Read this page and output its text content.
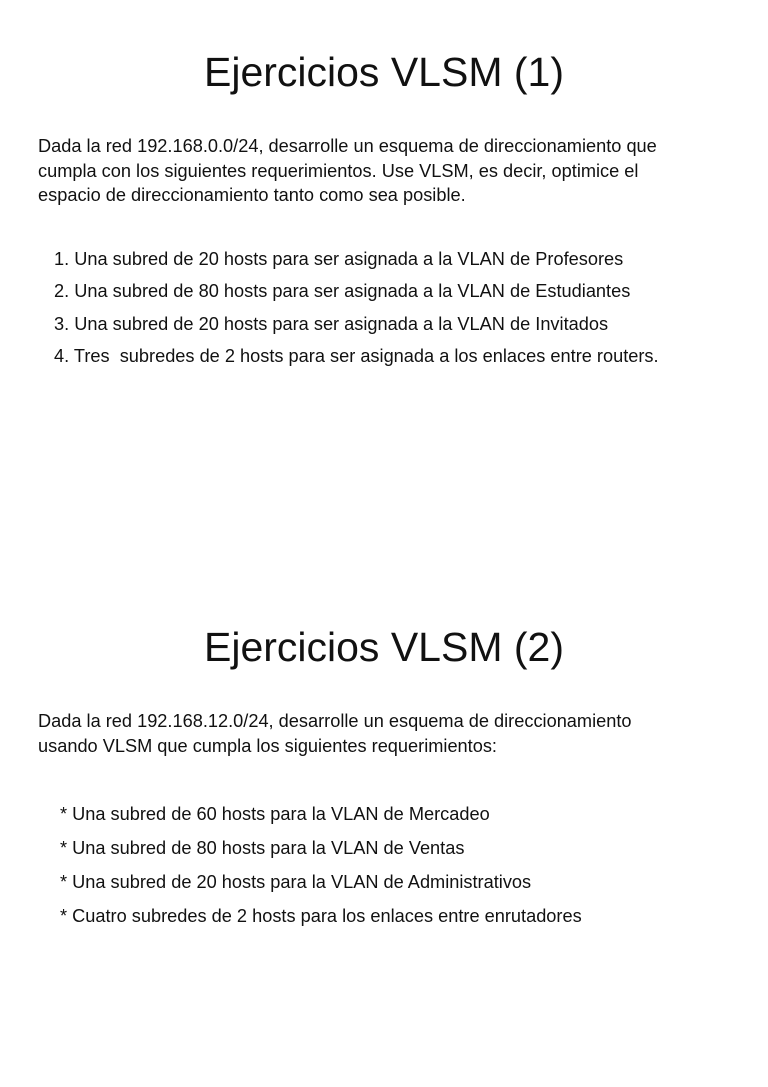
Ejercicios VLSM (1)

Dada la red 192.168.0.0/24, desarrolle un esquema de direccionamiento que
cumpla con los siguientes requerimientos. Use VLSM, es decir, optimice el
espacio de direccionamiento tanto como sea posible.

1. Una subred de 20 hosts para ser asignada a la VLAN de Profesores
2. Una subred de 80 hosts para ser asignada a la VLAN de Estudiantes
3. Una subred de 20 hosts para ser asignada a la VLAN de Invitados
4. Tres  subredes de 2 hosts para ser asignada a los enlaces entre routers.
Ejercicios VLSM (2)

Dada la red 192.168.12.0/24, desarrolle un esquema de direccionamiento
usando VLSM que cumpla los siguientes requerimientos:

* Una subred de 60 hosts para la VLAN de Mercadeo
* Una subred de 80 hosts para la VLAN de Ventas
* Una subred de 20 hosts para la VLAN de Administrativos
* Cuatro subredes de 2 hosts para los enlaces entre enrutadores
